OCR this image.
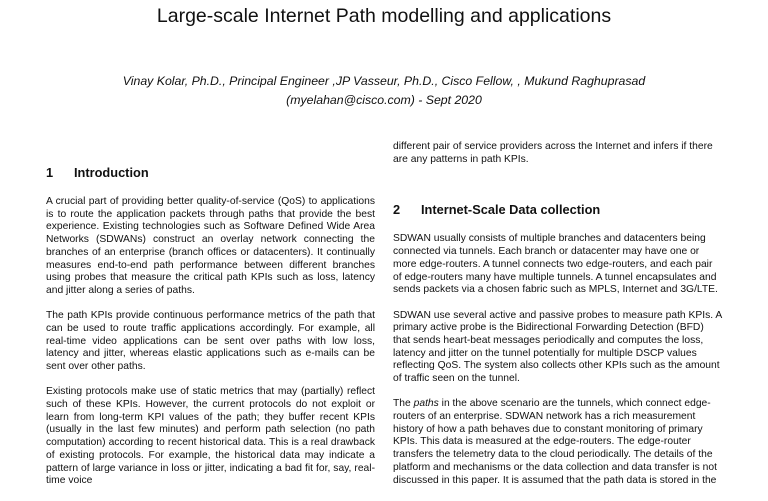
Large-scale Internet Path modelling and applications
Vinay Kolar, Ph.D., Principal Engineer ,JP Vasseur, Ph.D., Cisco Fellow, , Mukund Raghuprasad
(myelahan@cisco.com) - Sept 2020
1	Introduction

A crucial part of providing better quality-of-service (QoS) to applications is to route the application packets through paths that provide the best experience. Existing technologies such as Software Defined Wide Area Networks (SDWANs) construct an overlay network connecting the branches of an enterprise (branch offices or datacenters). It continually measures end-to-end path performance between different branches using probes that measure the critical path KPIs such as loss, latency and jitter along a series of paths.

The path KPIs provide continuous performance metrics of the path that can be used to route traffic applications accordingly. For example, all real-time video applications can be sent over paths with low loss, latency and jitter, whereas elastic applications such as e-mails can be sent over other paths.

Existing protocols make use of static metrics that may (partially) reflect such of these KPIs. However, the current protocols do not exploit or learn from long-term KPI values of the path; they buffer recent KPIs (usually in the last few minutes) and perform path selection (no path computation) according to recent historical data. This is a real drawback of existing protocols. For example, the historical data may indicate a pattern of large variance in loss or jitter, indicating a bad fit for, say, real-time voice

different pair of service providers across the Internet and infers if there are any patterns in path KPIs.

2	Internet-Scale Data collection

SDWAN usually consists of multiple branches and datacenters being connected via tunnels. Each branch or datacenter may have one or more edge-routers. A tunnel connects two edge-routers, and each pair of edge-routers many have multiple tunnels. A tunnel encapsulates and sends packets via a chosen fabric such as MPLS, Internet and 3G/LTE.

SDWAN use several active and passive probes to measure path KPIs. A primary active probe is the Bidirectional Forwarding Detection (BFD) that sends heart-beat messages periodically and computes the loss, latency and jitter on the tunnel potentially for multiple DSCP values reflecting QoS. The system also collects other KPIs such as the amount of traffic seen on the tunnel.

The paths in the above scenario are the tunnels, which connect edge-routers of an enterprise. SDWAN network has a rich measurement history of how a path behaves due to constant monitoring of primary KPIs. This data is measured at the edge-routers. The edge-router transfers the telemetry data to the cloud periodically. The details of the platform and mechanisms or the data collection and data transfer is not discussed in this paper. It is assumed that the path data is stored in the
